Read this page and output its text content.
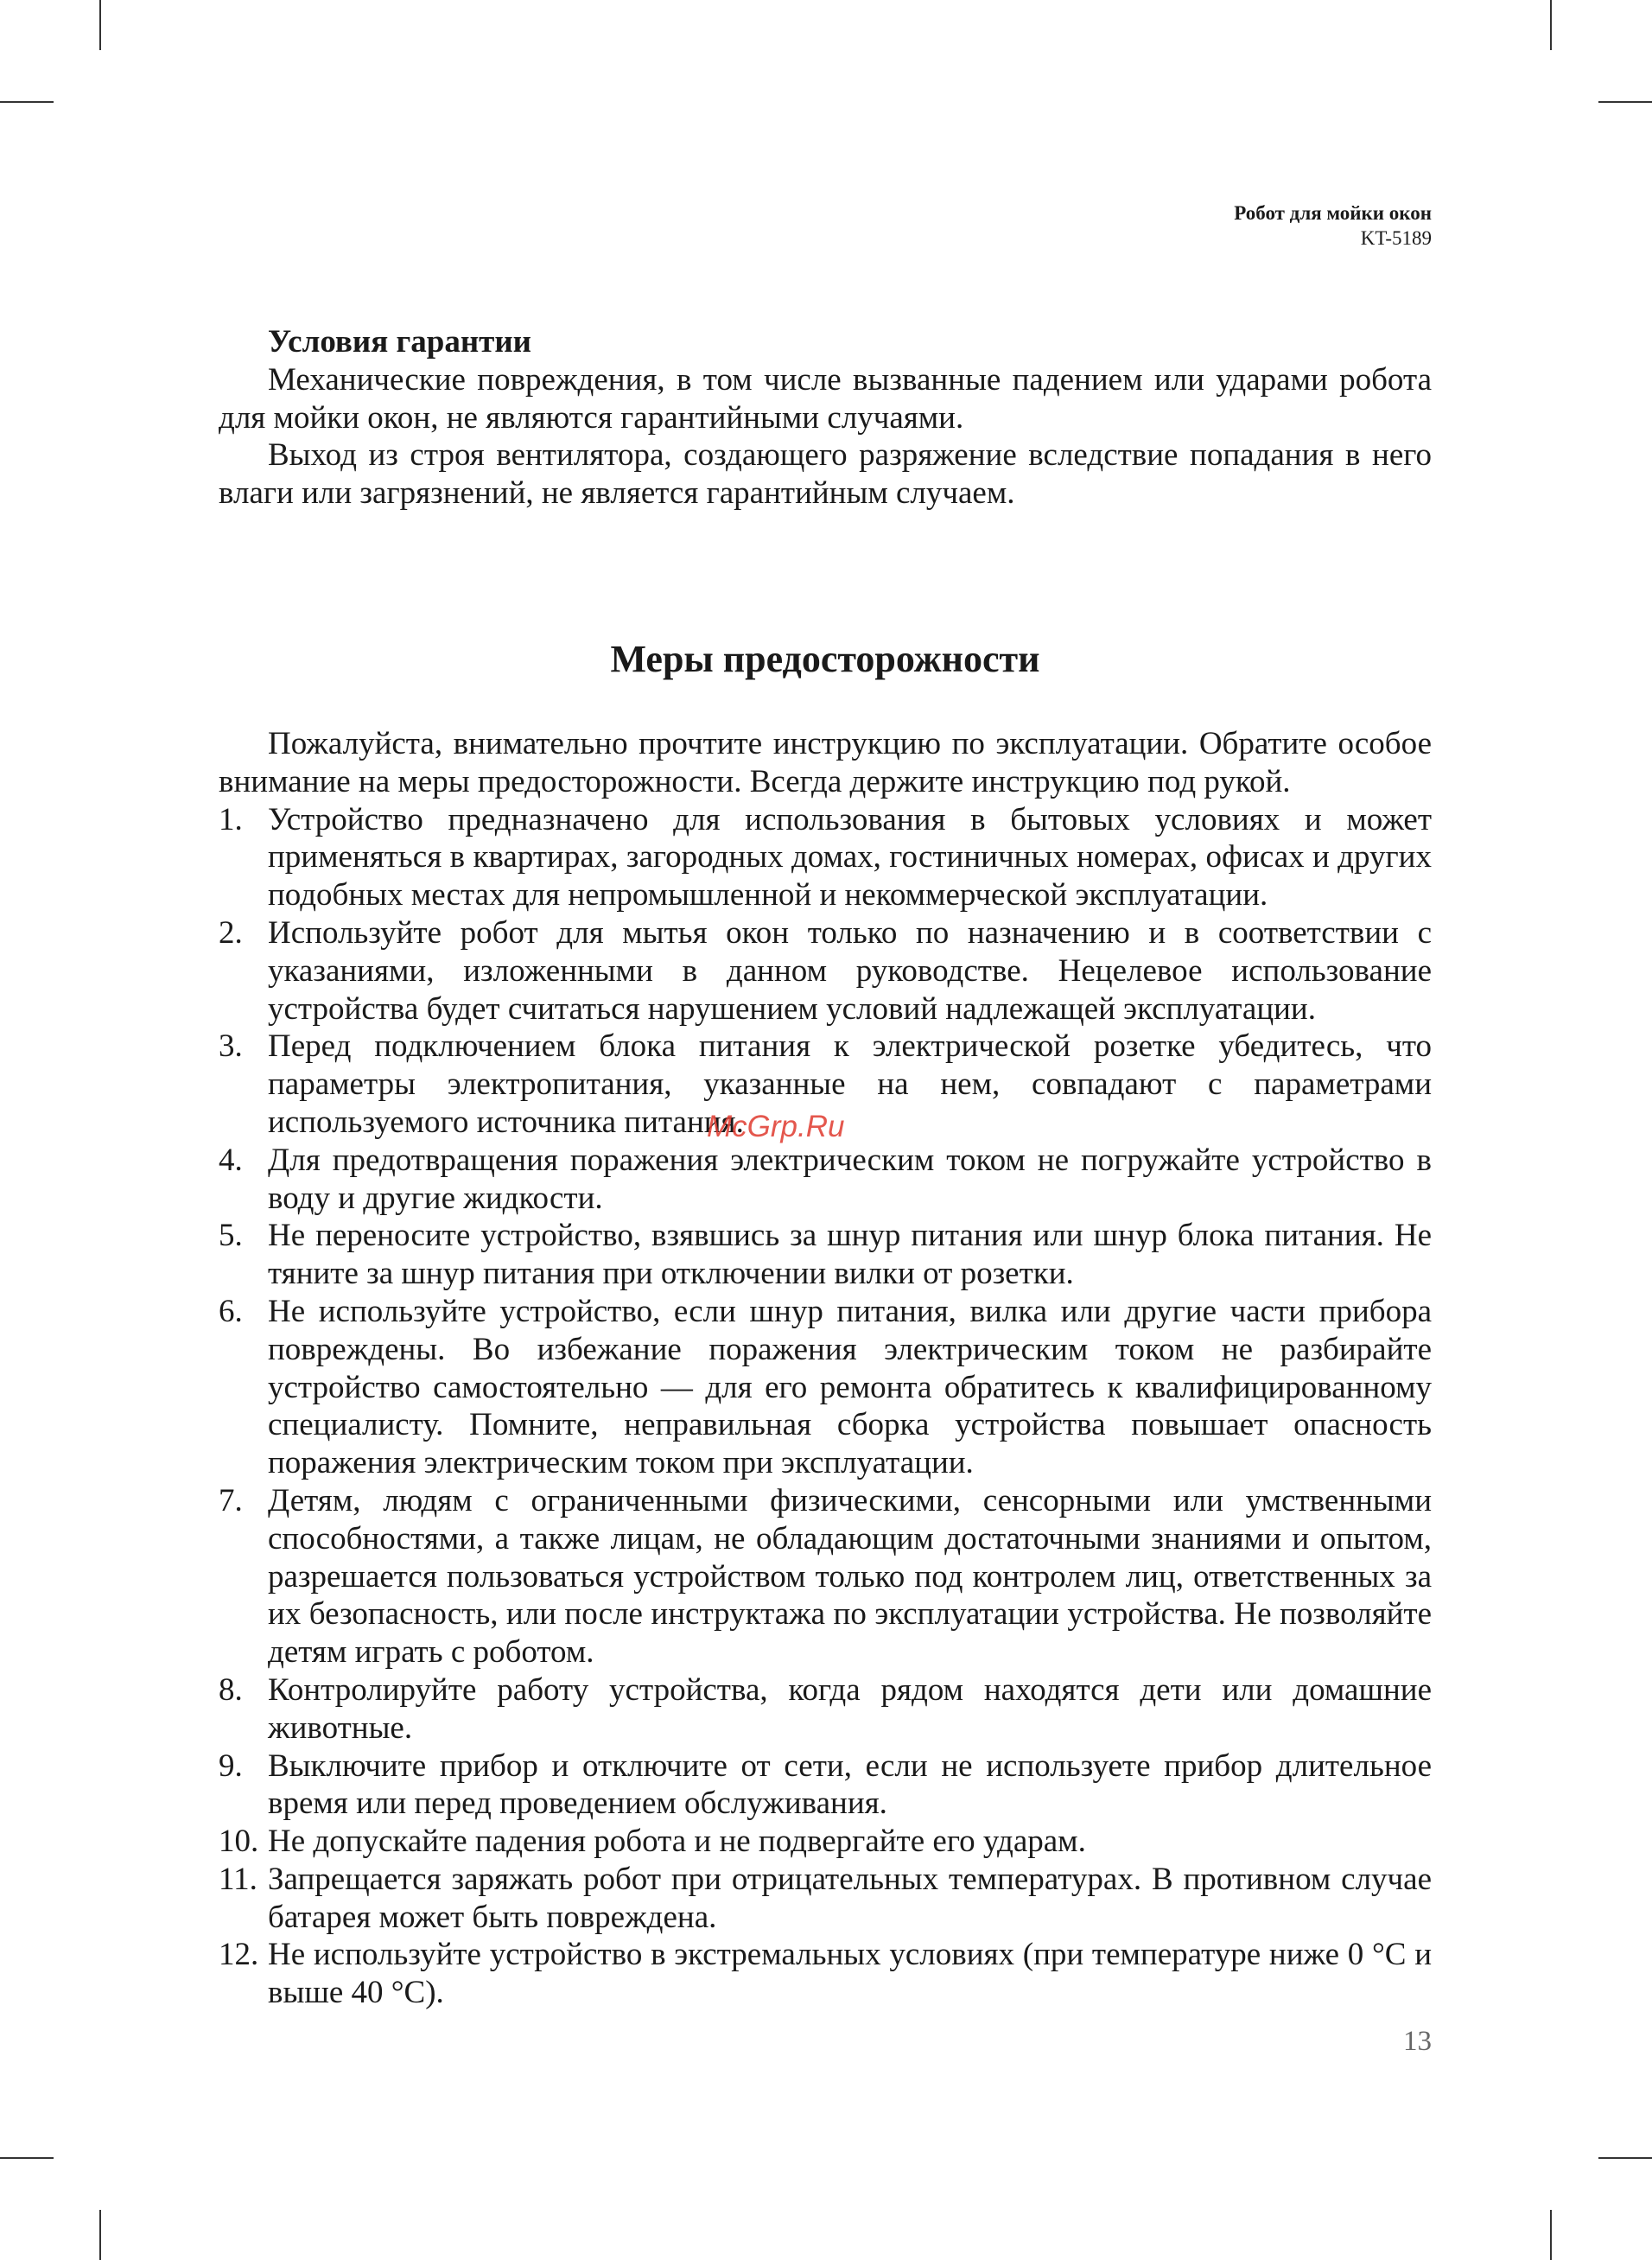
Робот для мойки окон
KT-5189

Условия гарантии

Механические повреждения, в том числе вызванные падением или ударами робота для мойки окон, не являются гарантийными случаями.

Выход из строя вентилятора, создающего разряжение вследствие попадания в него влаги или загрязнений, не является гарантийным случаем.

Меры предосторожности

Пожалуйста, внимательно прочтите инструкцию по эксплуатации. Обратите особое внимание на меры предосторожности. Всегда держите инструкцию под рукой.

1. Устройство предназначено для использования в бытовых условиях и может применяться в квартирах, загородных домах, гостиничных номерах, офисах и других подобных местах для непромышленной и некоммерческой эксплуатации.
2. Используйте робот для мытья окон только по назначению и в соответствии с указаниями, изложенными в данном руководстве. Нецелевое использование устройства будет считаться нарушением условий надлежащей эксплуатации.
3. Перед подключением блока питания к электрической розетке убедитесь, что параметры электропитания, указанные на нем, совпадают с параметрами используемого источника питания.
4. Для предотвращения поражения электрическим током не погружайте устройство в воду и другие жидкости.
5. Не переносите устройство, взявшись за шнур питания или шнур блока питания. Не тяните за шнур питания при отключении вилки от розетки.
6. Не используйте устройство, если шнур питания, вилка или другие части прибора повреждены. Во избежание поражения электрическим током не разбирайте устройство самостоятельно — для его ремонта обратитесь к квалифицированному специалисту. Помните, неправильная сборка устройства повышает опасность поражения электрическим током при эксплуатации.
7. Детям, людям с ограниченными физическими, сенсорными или умственными способностями, а также лицам, не обладающим достаточными знаниями и опытом, разрешается пользоваться устройством только под контролем лиц, ответственных за их безопасность, или после инструктажа по эксплуатации устройства. Не позволяйте детям играть с роботом.
8. Контролируйте работу устройства, когда рядом находятся дети или домашние животные.
9. Выключите прибор и отключите от сети, если не используете прибор длительное время или перед проведением обслуживания.
10. Не допускайте падения робота и не подвергайте его ударам.
11. Запрещается заряжать робот при отрицательных температурах. В противном случае батарея может быть повреждена.
12. Не используйте устройство в экстремальных условиях (при температуре ниже 0 °С и выше 40 °С).
McGrp.Ru
13
